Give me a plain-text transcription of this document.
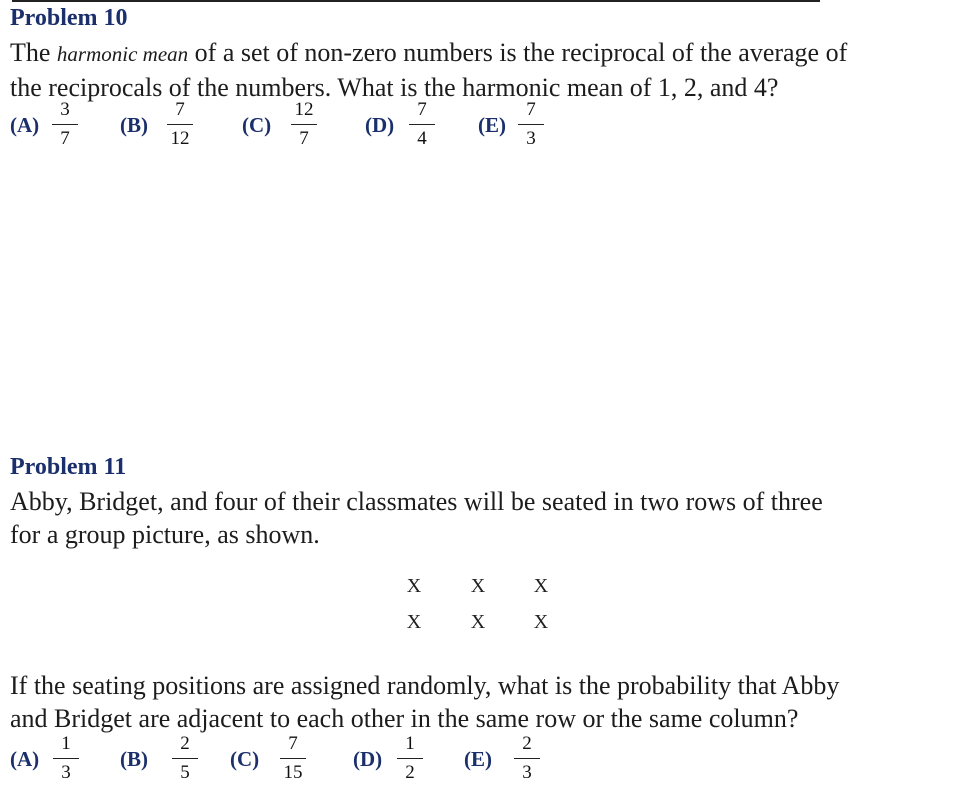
Problem 10
The harmonic mean of a set of non-zero numbers is the reciprocal of the average of
the reciprocals of the numbers. What is the harmonic mean of 1, 2, and 4?
(A)
3
7
(B)
7
12
(C)
12
7
(D)
7
4
(E)
7
3
Problem 11
Abby, Bridget, and four of their classmates will be seated in two rows of three
for a group picture, as shown.
X X X
X X X
If the seating positions are assigned randomly, what is the probability that Abby
and Bridget are adjacent to each other in the same row or the same column?
(A)
1
3
(B)
2
5
(C)
7
15
(D)
1
2
(E)
2
3
